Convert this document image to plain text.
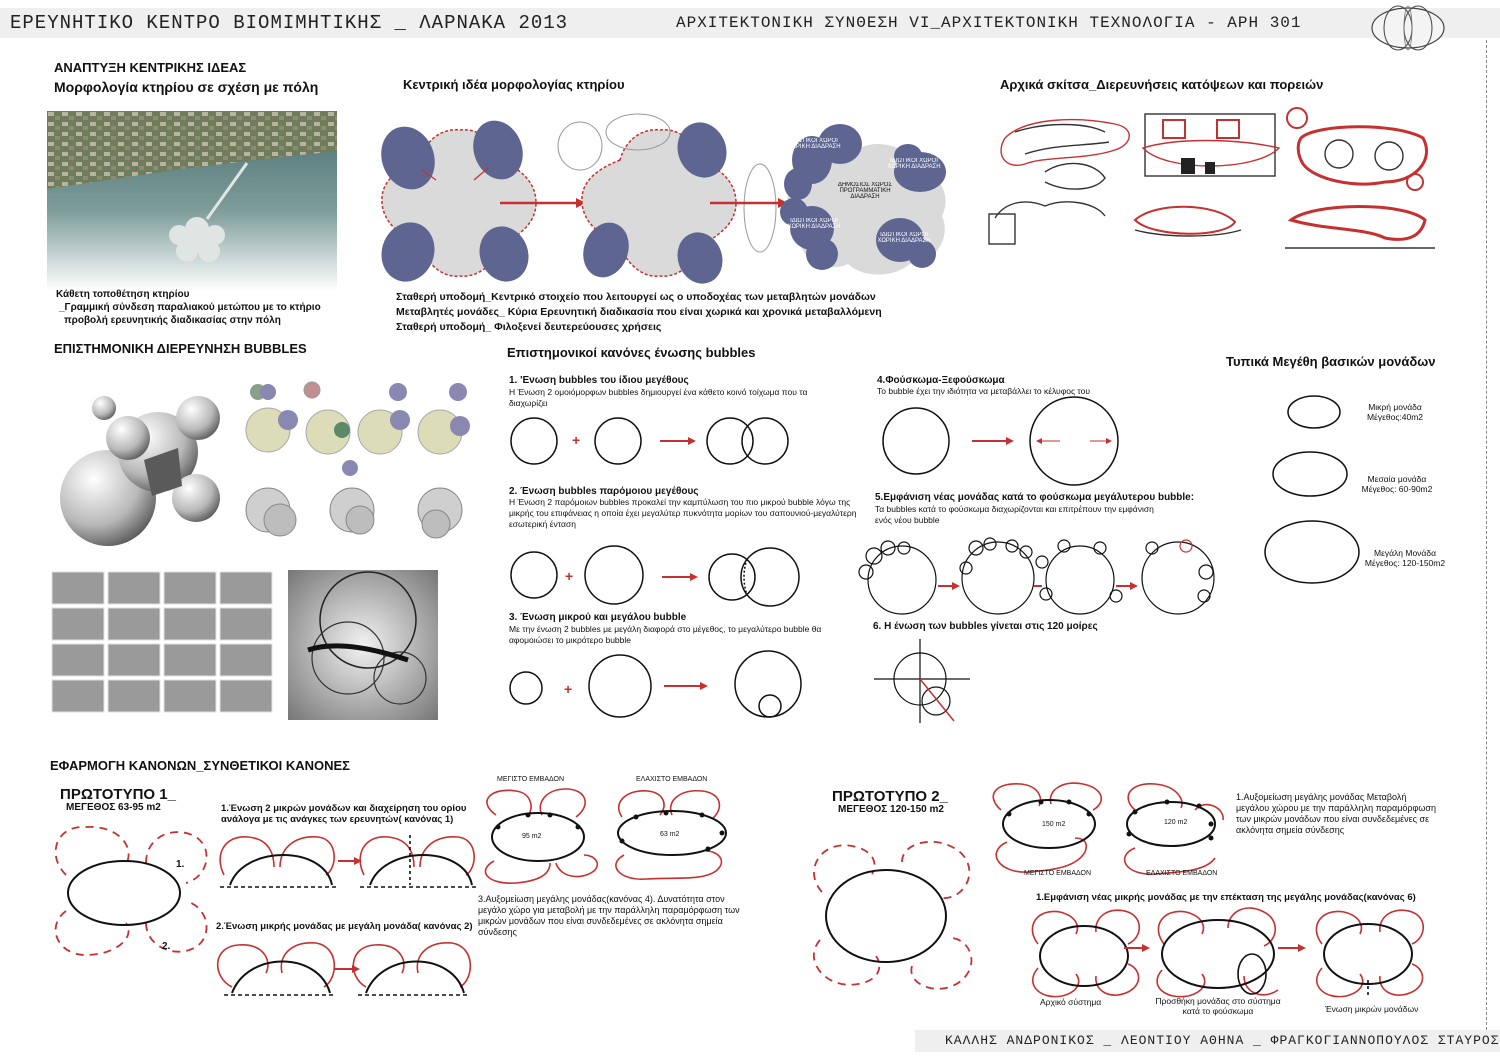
ΕΡΕΥΝΗΤΙΚΟ ΚΕΝΤΡΟ ΒΙΟΜΙΜΗΤΙΚΗΣ _ ΛΑΡΝΑΚΑ 2013	ΑΡΧΙΤΕΚΤΟΝΙΚΗ ΣΥΝΘΕΣΗ VI_ΑΡΧΙΤΕΚΤΟΝΙΚΗ ΤΕΧΝΟΛΟΓΙΑ - ΑΡΗ 301
ΚΑΛΛΗΣ ΑΝΔΡΟΝΙΚΟΣ _ ΛΕΟΝΤΙΟΥ ΑΘΗΝΑ _ ΦΡΑΓΚΟΓΙΑΝΝΟΠΟΥΛΟΣ ΣΤΑΥΡΟΣ
ΑΝΑΠΤΥΞΗ ΚΕΝΤΡΙΚΗΣ ΙΔΕΑΣ
Μορφολογία κτηρίου σε σχέση με πόλη
Κάθετη τοποθέτηση κτηρίου
_Γραμμική σύνδεση παραλιακού μετώπου με το κτήριο
προβολή ερευνητικής διαδικασίας στην πόλη
Κεντρική ιδέα μορφολογίας κτηρίου
ΙΔΙΩΤΙΚΟΙ ΧΩΡΟΙ ΧΩΡΙΚΗ ΔΙΑΔΡΑΣΗ
ΙΔΙΩΤΙΚΟΙ ΧΩΡΟΙ ΧΩΡΙΚΗ ΔΙΑΔΡΑΣΗ
ΙΔΙΩΤΙΚΟΙ ΧΩΡΟΙ ΧΩΡΙΚΗ ΔΙΑΔΡΑΣΗ
ΙΔΙΩΤΙΚΟΙ ΧΩΡΟΙ ΧΩΡΙΚΗ ΔΙΑΔΡΑΣΗ
ΔΗΜΟΣΙΟΣ ΧΩΡΟΣ ΠΡΟΓΡΑΜΜΑΤΙΚΗ ΔΙΑΔΡΑΣΗ
Σταθερή υποδομή_Κεντρικό στοιχείο που λειτουργεί ως ο υποδοχέας των μεταβλητών μονάδων
Μεταβλητές μονάδες_ Κύρια Ερευνητική διαδικασία που είναι χωρικά και χρονικά μεταβαλλόμενη
Σταθερή υποδομή_ Φιλοξενεί δευτερεύουσες χρήσεις
Αρχικά σκίτσα_Διερευνήσεις κατόψεων και πορειών
ΕΠΙΣΤΗΜΟΝΙΚΗ ΔΙΕΡΕΥΝΗΣΗ BUBBLES	Επιστημονικοί κανόνες ένωσης bubbles
1. 'Ενωση bubbles του ίδιου μεγέθους
Η Ένωση 2 ομοιόμορφων bubbles δημιουργεί ένα κάθετο κοινό τοίχωμα που τα διαχωρίζει
+
2. Ένωση bubbles παρόμοιου μεγέθους
Η Ένωση 2 παρόμοιων bubbles προκαλεί την καμπύλωση του πιο μικρού bubble λόγω της μικρής του επιφάνειας η οποία έχει μεγαλύτερ πυκνότητα μορίων του σαπουνιού-μεγαλύτερη εσωτερική ένταση
+
3. Ένωση μικρού και μεγάλου bubble
Με την ένωση 2 bubbles με μεγάλη διαφορά στο μέγεθος, το μεγαλύτερο bubble θα αφομοιώσει το μικρότερο bubble
+
4.Φούσκωμα-Ξεφούσκωμα
Το bubble έχει την ιδιότητα να μεταβάλλει το κέλυφος του
5.Εμφάνιση νέας μονάδας κατά το φούσκωμα μεγάλυτερου bubble:
Τα bubbles κατά το φούσκωμα διαχωρίζονται και επιτρέπουν την εμφάνιση ενός νέου bubble
6. Η ένωση των bubbles γίνεται στις 120 μοίρες
Τυπικά Μεγέθη βασικών μονάδων
Μικρή μονάδα
Μέγεθος:40m2
Μεσαία μονάδα
Μέγεθος: 60-90m2
Μεγάλη Μονάδα
Μέγεθος: 120-150m2
ΕΦΑΡΜΟΓΗ ΚΑΝΟΝΩΝ_ΣΥΝΘΕΤΙΚΟΙ ΚΑΝΟΝΕΣ
ΠΡΩΤΟΤΥΠΟ 1_
ΜΕΓΕΘΟΣ 63-95 m2
1.
2.
1.Ένωση 2 μικρών μονάδων και διαχείρηση του ορίου ανάλογα με τις ανάγκες των ερευνητών( κανόνας 1)
2.Ένωση μικρής μονάδας με μεγάλη μονάδα( κανόνας 2)
ΜΕΓΙΣΤΟ ΕΜΒΑΔΟΝ	ΕΛΑΧΙΣΤΟ ΕΜΒΑΔΟΝ
95 m2	63 m2
3.Αυξομείωση μεγάλης μονάδας(κανόνας 4). Δυνατότητα στον μεγάλο χώρο για μεταβολή με την παράλληλη παραμόρφωση των μικρών μονάδων που είναι συνδεδεμένες σε ακλόνητα σημεία σύνδεσης
ΠΡΩΤΟΤΥΠΟ 2_
ΜΕΓΕΘΟΣ 120-150 m2
150 m2	120 m2
ΜΕΓΙΣΤΟ ΕΜΒΑΔΟΝ	ΕΛΑΧΙΣΤΟ ΕΜΒΑΔΟΝ
1.Αυξομείωση μεγάλης μονάδας Μεταβολή μεγάλου χώρου με την παράλληλη παραμόρφωση των μικρών μονάδων που είναι συνδεδεμένες σε ακλόνητα σημεία σύνδεσης
1.Εμφάνιση νέας μικρής μονάδας με την επέκταση της μεγάλης μονάδας(κανόνας 6)
Αρχικό σύστημα	Προσθήκη μονάδας στο σύστημα κατά το φούσκωμα	Ένωση μικρών μονάδων
